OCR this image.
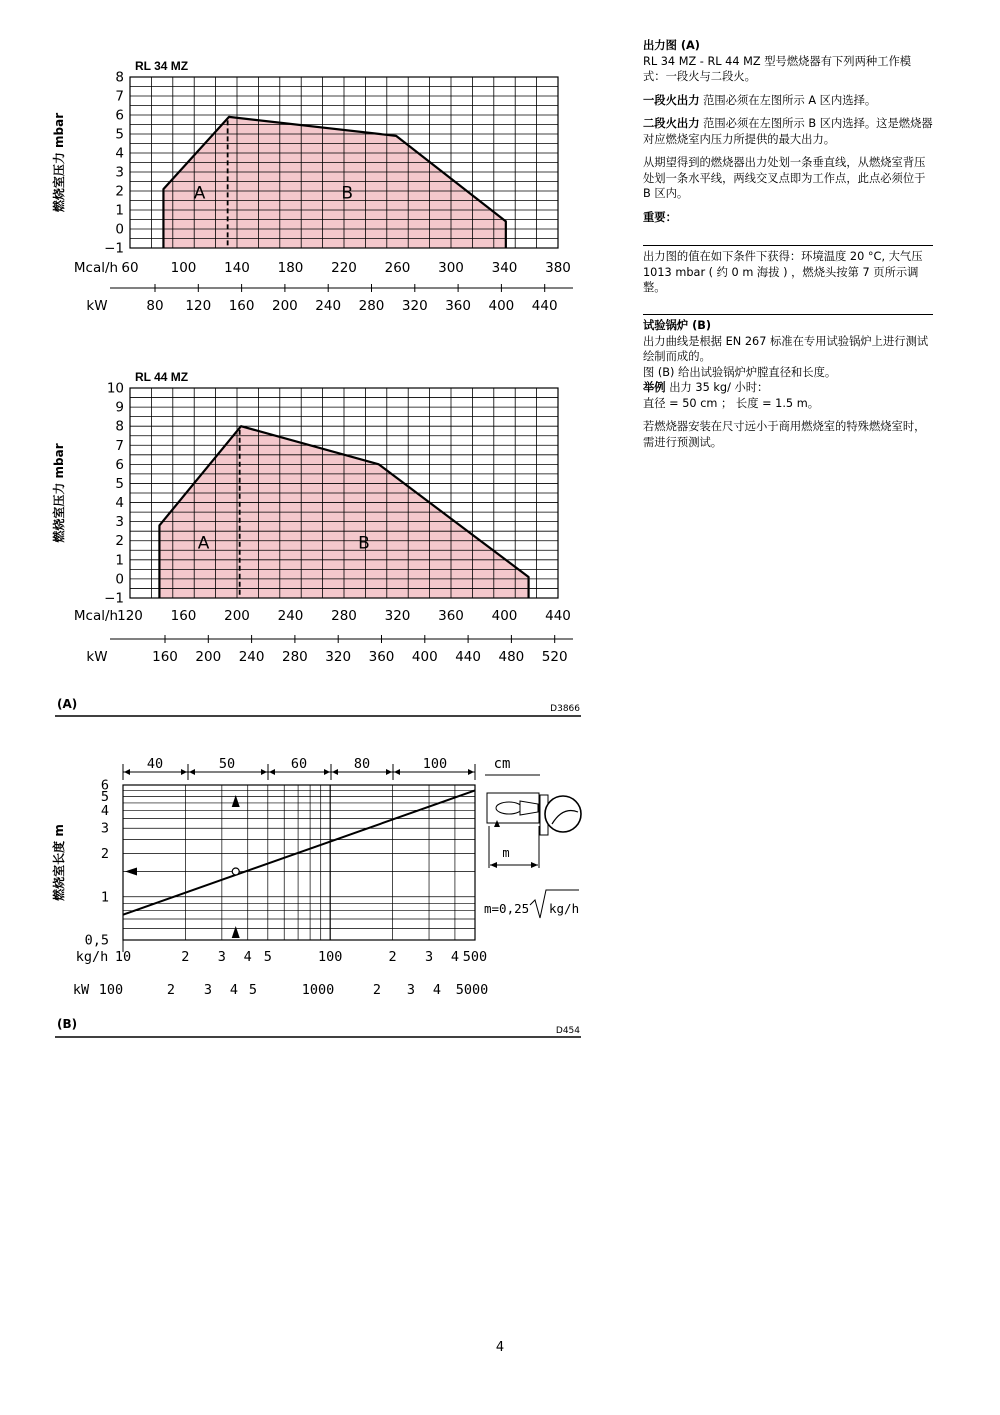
A	B
RL 34 MZ
8
7
6
5
4
3
2
1
0
−1
燃烧室压力 mbar
Mcal/h 60 100 140 180 220 260 300 340 380
kW	80 120 160 200 240 280 320 360 400 440
A	B
RL 44 MZ
10
9
8
7
6
5
4
3
2
1
0
−1
燃烧室压力 mbar
Mcal/h 120 160 200 240 280 320 360 400 440
kW	160 200 240 280 320 360 400 440 480 520
(A)	D3866
6
5
4
3
2
1
0,5
燃烧室长度 m
kg/h 10	2 3 4 5	100	2 3 4 500
kW 100	2 3 4 5	1000	2 3 4 5000
40	50	60	80	100	cm
m
m=0,25 kg/h
(B)	D454

出力图 (A)

RL 34 MZ - RL 44 MZ 型号燃烧器有下列两种工作模式：一段火与二段火。

一段火出力 范围必须在左图所示 A 区内选择。

二段火出力 范围必须在左图所示 B 区内选择。这是燃烧器对应燃烧室内压力所提供的最大出力。

从期望得到的燃烧器出力处划一条垂直线，从燃烧室背压处划一条水平线，两线交叉点即为工作点，此点必须位于 B 区内。

重要：

出力图的值在如下条件下获得：环境温度 20 °C, 大气压 1013 mbar ( 约 0 m 海拔 ) ，燃烧头按第 7 页所示调整。

试验锅炉 (B)

出力曲线是根据 EN 267 标准在专用试验锅炉上进行测试绘制而成的。

图 (B) 给出试验锅炉炉膛直径和长度。

举例 出力 35 kg/ 小时：

直径 = 50 cm ； 长度 = 1.5 m。

若燃烧器安装在尺寸远小于商用燃烧室的特殊燃烧室时，需进行预测试。

4
